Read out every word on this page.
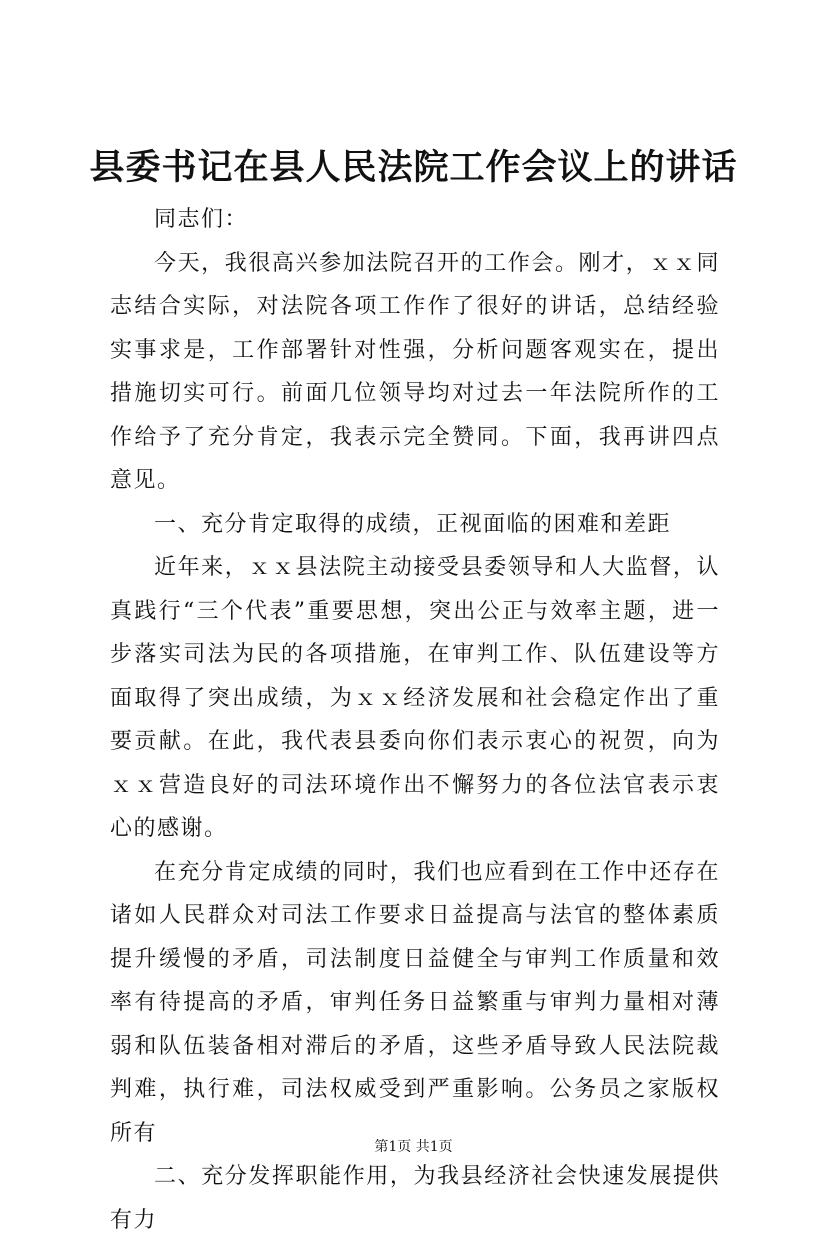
县委书记在县人民法院工作会议上的讲话

同志们：

今天，我很高兴参加法院召开的工作会。刚才，ｘｘ同志结合实际，对法院各项工作作了很好的讲话，总结经验实事求是，工作部署针对性强，分析问题客观实在，提出措施切实可行。前面几位领导均对过去一年法院所作的工作给予了充分肯定，我表示完全赞同。下面，我再讲四点意见。

一、充分肯定取得的成绩，正视面临的困难和差距

近年来，ｘｘ县法院主动接受县委领导和人大监督，认真践行“三个代表”重要思想，突出公正与效率主题，进一步落实司法为民的各项措施，在审判工作、队伍建设等方面取得了突出成绩，为ｘｘ经济发展和社会稳定作出了重要贡献。在此，我代表县委向你们表示衷心的祝贺，向为ｘｘ营造良好的司法环境作出不懈努力的各位法官表示衷心的感谢。

在充分肯定成绩的同时，我们也应看到在工作中还存在诸如人民群众对司法工作要求日益提高与法官的整体素质提升缓慢的矛盾，司法制度日益健全与审判工作质量和效率有待提高的矛盾，审判任务日益繁重与审判力量相对薄弱和队伍装备相对滞后的矛盾，这些矛盾导致人民法院裁判难，执行难，司法权威受到严重影响。公务员之家版权所有

二、充分发挥职能作用，为我县经济社会快速发展提供有力

第1页 共1页
